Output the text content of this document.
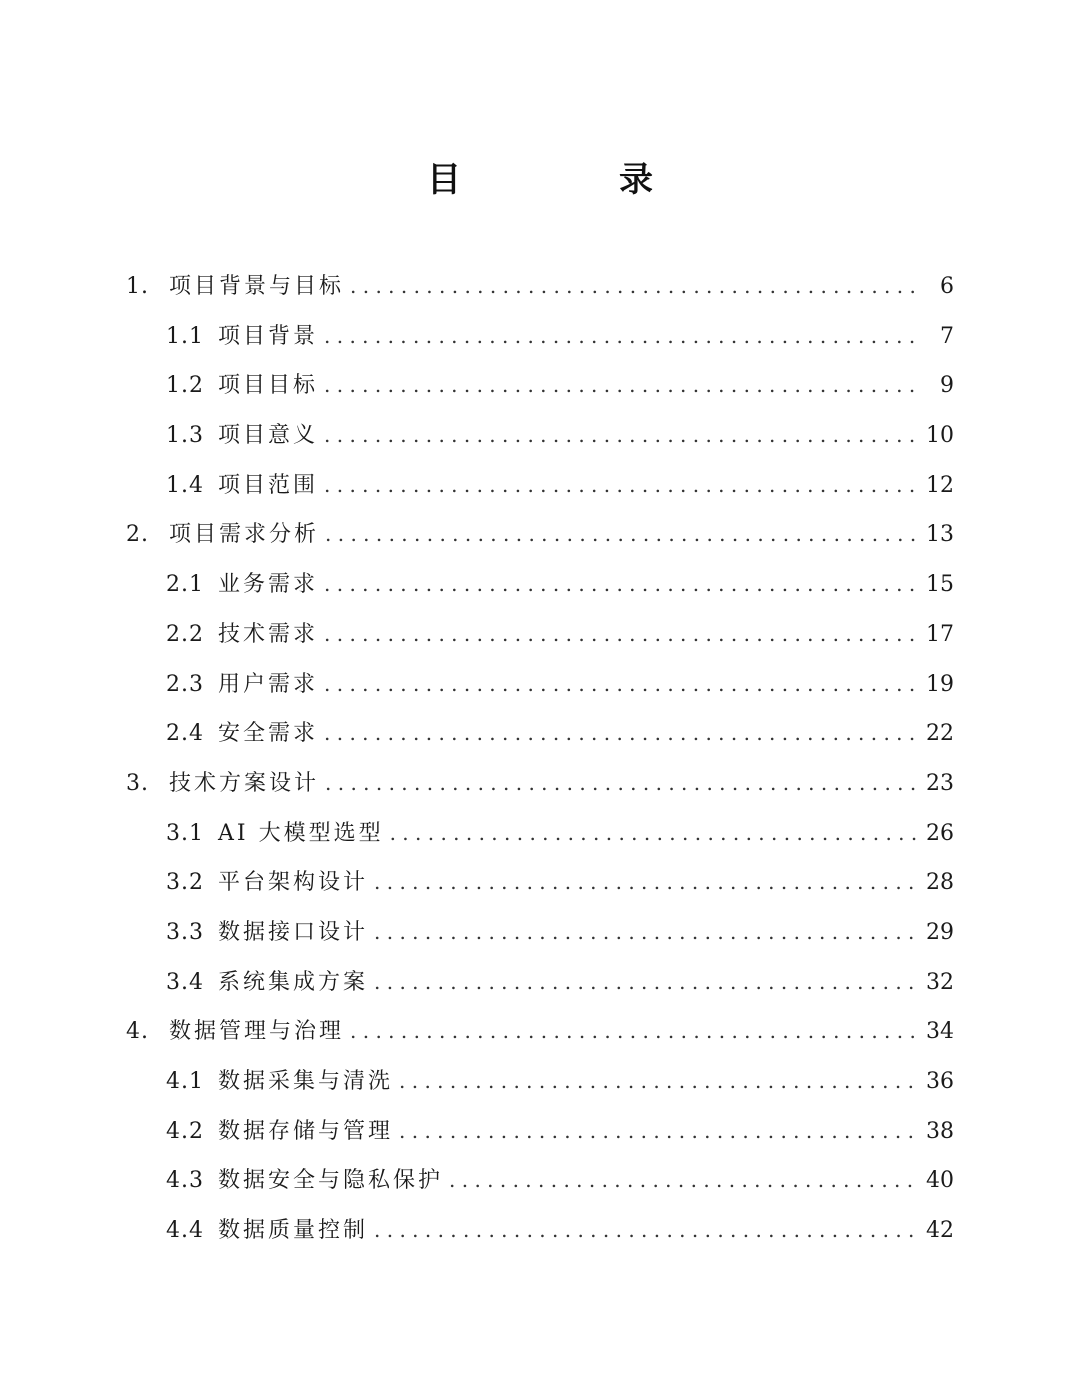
目　录
1. 项目背景与目标 . . .	6
1.1 项目背景 . . .	7
1.2 项目目标 . . .	9
1.3 项目意义 . . .	10
1.4 项目范围 . . .	12
2. 项目需求分析 . . .	13
2.1 业务需求 . . .	15
2.2 技术需求 . . .	17
2.3 用户需求 . . .	19
2.4 安全需求 . . .	22
3. 技术方案设计 . . .	23
3.1 AI 大模型选型 . . .	26
3.2 平台架构设计 . . .	28
3.3 数据接口设计 . . .	29
3.4 系统集成方案 . . .	32
4. 数据管理与治理 . . .	34
4.1 数据采集与清洗 . . .	36
4.2 数据存储与管理 . . .	38
4.3 数据安全与隐私保护 . . .	40
4.4 数据质量控制 . . .	42
